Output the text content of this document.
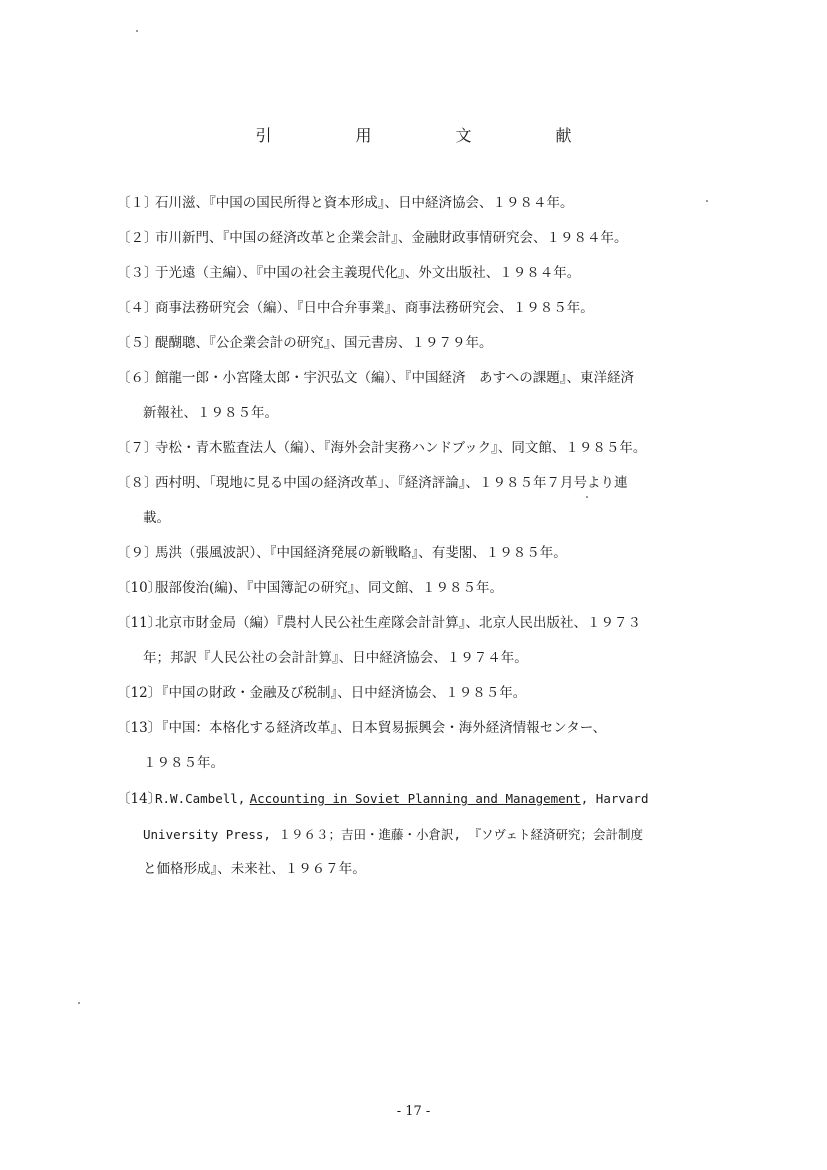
引　用　文　献
〔１〕石川滋、『中国の国民所得と資本形成』、日中経済協会、１９８４年。
〔２〕市川新門、『中国の経済改革と企業会計』、金融財政事情研究会、１９８４年。
〔３〕于光遠（主編）、『中国の社会主義現代化』、外文出版社、１９８４年。
〔４〕商事法務研究会（編）、『日中合弁事業』、商事法務研究会、１９８５年。
〔５〕醍醐聰、『公企業会計の研究』、国元書房、１９７９年。
〔６〕館龍一郎・小宮隆太郎・宇沢弘文（編）、『中国経済　あすへの課題』、東洋経済
新報社、１９８５年。
〔７〕寺松・青木監査法人（編）、『海外会計実務ハンドブック』、同文館、１９８５年。
〔８〕西村明、「現地に見る中国の経済改革」、『経済評論』、１９８５年７月号より連
載。
〔９〕馬洪（張風波訳）、『中国経済発展の新戦略』、有斐閣、１９８５年。
〔10〕服部俊治(編)、『中国簿記の研究』、同文館、１９８５年。
〔11〕北京市財金局（編）『農村人民公社生産隊会計計算』、北京人民出版社、１９７３
年；邦訳『人民公社の会計計算』、日中経済協会、１９７４年。
〔12〕『中国の財政・金融及び税制』、日中経済協会、１９８５年。
〔13〕『中国：本格化する経済改革』、日本貿易振興会・海外経済情報センター、
１９８５年。
〔14〕R.W.Cambell, Accounting in Soviet Planning and Management, Harvard
University Press, １９６３；吉田・進藤・小倉訳, 『ソヴェト経済研究；会計制度
と価格形成』、未来社、１９６７年。
- 17 -
